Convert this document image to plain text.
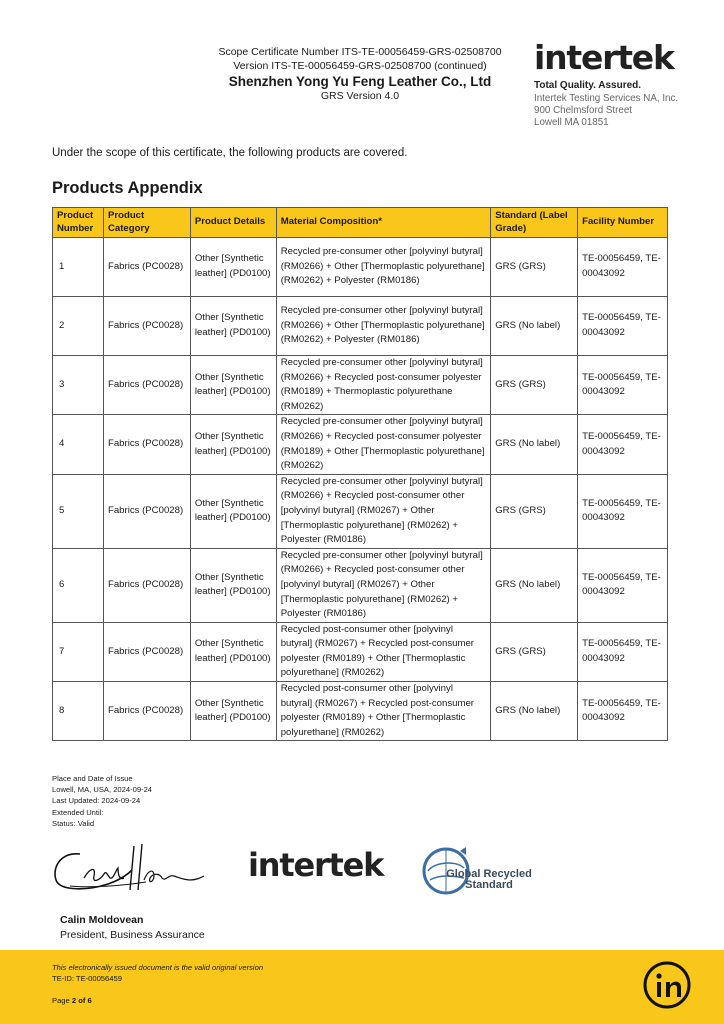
Scope Certificate Number ITS-TE-00056459-GRS-02508700
Version ITS-TE-00056459-GRS-02508700 (continued)
Shenzhen Yong Yu Feng Leather Co., Ltd
GRS Version 4.0
intertek
Total Quality. Assured.
Intertek Testing Services NA, Inc.
900 Chelmsford Street
Lowell MA 01851
Under the scope of this certificate, the following products are covered.
Products Appendix
Product Number	Product Category	Product Details	Material Composition*	Standard (Label Grade)	Facility Number
1	Fabrics (PC0028)	Other [Synthetic leather] (PD0100)	Recycled pre-consumer other [polyvinyl butyral] (RM0266) + Other [Thermoplastic polyurethane] (RM0262) + Polyester (RM0186)	GRS (GRS)	TE-00056459, TE-00043092
2	Fabrics (PC0028)	Other [Synthetic leather] (PD0100)	Recycled pre-consumer other [polyvinyl butyral] (RM0266) + Other [Thermoplastic polyurethane] (RM0262) + Polyester (RM0186)	GRS (No label)	TE-00056459, TE-00043092
3	Fabrics (PC0028)	Other [Synthetic leather] (PD0100)	Recycled pre-consumer other [polyvinyl butyral] (RM0266) + Recycled post-consumer polyester (RM0189) + Thermoplastic polyurethane (RM0262)	GRS (GRS)	TE-00056459, TE-00043092
4	Fabrics (PC0028)	Other [Synthetic leather] (PD0100)	Recycled pre-consumer other [polyvinyl butyral] (RM0266) + Recycled post-consumer polyester (RM0189) + Other [Thermoplastic polyurethane] (RM0262)	GRS (No label)	TE-00056459, TE-00043092
5	Fabrics (PC0028)	Other [Synthetic leather] (PD0100)	Recycled pre-consumer other [polyvinyl butyral] (RM0266) + Recycled post-consumer other [polyvinyl butyral] (RM0267) + Other [Thermoplastic polyurethane] (RM0262) + Polyester (RM0186)	GRS (GRS)	TE-00056459, TE-00043092
6	Fabrics (PC0028)	Other [Synthetic leather] (PD0100)	Recycled pre-consumer other [polyvinyl butyral] (RM0266) + Recycled post-consumer other [polyvinyl butyral] (RM0267) + Other [Thermoplastic polyurethane] (RM0262) + Polyester (RM0186)	GRS (No label)	TE-00056459, TE-00043092
7	Fabrics (PC0028)	Other [Synthetic leather] (PD0100)	Recycled post-consumer other [polyvinyl butyral] (RM0267) + Recycled post-consumer polyester (RM0189) + Other [Thermoplastic polyurethane] (RM0262)	GRS (GRS)	TE-00056459, TE-00043092
8	Fabrics (PC0028)	Other [Synthetic leather] (PD0100)	Recycled post-consumer other [polyvinyl butyral] (RM0267) + Recycled post-consumer polyester (RM0189) + Other [Thermoplastic polyurethane] (RM0262)	GRS (No label)	TE-00056459, TE-00043092
Place and Date of Issue
Lowell, MA, USA, 2024-09-24
Last Updated: 2024-09-24
Extended Until:
Status: Valid
intertek	Global Recycled
Standard
Calin Moldovean
President, Business Assurance
This electronically issued document is the valid original version
TE-ID: TE-00056459
Page 2 of 6
